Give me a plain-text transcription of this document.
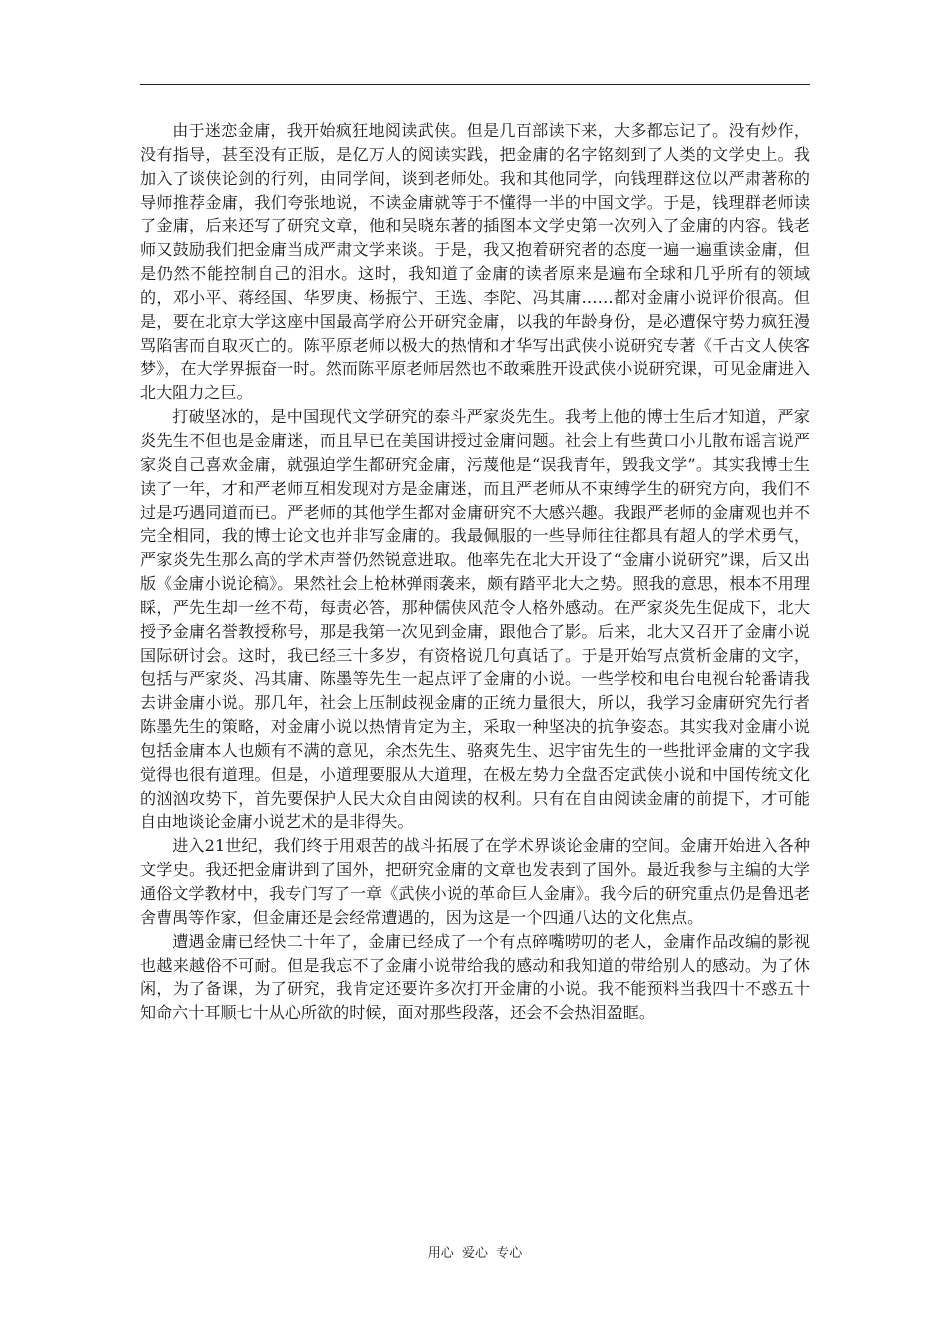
由于迷恋金庸，我开始疯狂地阅读武侠。但是几百部读下来，大多都忘记了。没有炒作，没有指导，甚至没有正版，是亿万人的阅读实践，把金庸的名字铭刻到了人类的文学史上。我加入了谈侠论剑的行列，由同学间，谈到老师处。我和其他同学，向钱理群这位以严肃著称的导师推荐金庸，我们夸张地说，不读金庸就等于不懂得一半的中国文学。于是，钱理群老师读了金庸，后来还写了研究文章，他和吴晓东著的插图本文学史第一次列入了金庸的内容。钱老师又鼓励我们把金庸当成严肃文学来谈。于是，我又抱着研究者的态度一遍一遍重读金庸，但是仍然不能控制自己的泪水。这时，我知道了金庸的读者原来是遍布全球和几乎所有的领域的，邓小平、蒋经国、华罗庚、杨振宁、王选、李陀、冯其庸……都对金庸小说评价很高。但是，要在北京大学这座中国最高学府公开研究金庸，以我的年龄身份，是必遭保守势力疯狂漫骂陷害而自取灭亡的。陈平原老师以极大的热情和才华写出武侠小说研究专著《千古文人侠客梦》，在大学界振奋一时。然而陈平原老师居然也不敢乘胜开设武侠小说研究课，可见金庸进入北大阻力之巨。

打破坚冰的，是中国现代文学研究的泰斗严家炎先生。我考上他的博士生后才知道，严家炎先生不但也是金庸迷，而且早已在美国讲授过金庸问题。社会上有些黄口小儿散布谣言说严家炎自己喜欢金庸，就强迫学生都研究金庸，污蔑他是“误我青年，毁我文学”。其实我博士生读了一年，才和严老师互相发现对方是金庸迷，而且严老师从不束缚学生的研究方向，我们不过是巧遇同道而已。严老师的其他学生都对金庸研究不大感兴趣。我跟严老师的金庸观也并不完全相同，我的博士论文也并非写金庸的。我最佩服的一些导师往往都具有超人的学术勇气，严家炎先生那么高的学术声誉仍然锐意进取。他率先在北大开设了“金庸小说研究”课，后又出版《金庸小说论稿》。果然社会上枪林弹雨袭来，颇有踏平北大之势。照我的意思，根本不用理睬，严先生却一丝不苟，每责必答，那种儒侠风范令人格外感动。在严家炎先生促成下，北大授予金庸名誉教授称号，那是我第一次见到金庸，跟他合了影。后来，北大又召开了金庸小说国际研讨会。这时，我已经三十多岁，有资格说几句真话了。于是开始写点赏析金庸的文字，包括与严家炎、冯其庸、陈墨等先生一起点评了金庸的小说。一些学校和电台电视台轮番请我去讲金庸小说。那几年，社会上压制歧视金庸的正统力量很大，所以，我学习金庸研究先行者陈墨先生的策略，对金庸小说以热情肯定为主，采取一种坚决的抗争姿态。其实我对金庸小说包括金庸本人也颇有不满的意见，余杰先生、骆爽先生、迟宇宙先生的一些批评金庸的文字我觉得也很有道理。但是，小道理要服从大道理，在极左势力全盘否定武侠小说和中国传统文化的汹汹攻势下，首先要保护人民大众自由阅读的权利。只有在自由阅读金庸的前提下，才可能自由地谈论金庸小说艺术的是非得失。

进入21世纪，我们终于用艰苦的战斗拓展了在学术界谈论金庸的空间。金庸开始进入各种文学史。我还把金庸讲到了国外，把研究金庸的文章也发表到了国外。最近我参与主编的大学通俗文学教材中，我专门写了一章《武侠小说的革命巨人金庸》。我今后的研究重点仍是鲁迅老舍曹禺等作家，但金庸还是会经常遭遇的，因为这是一个四通八达的文化焦点。

遭遇金庸已经快二十年了，金庸已经成了一个有点碎嘴唠叨的老人，金庸作品改编的影视也越来越俗不可耐。但是我忘不了金庸小说带给我的感动和我知道的带给别人的感动。为了休闲，为了备课，为了研究，我肯定还要许多次打开金庸的小说。我不能预料当我四十不惑五十知命六十耳顺七十从心所欲的时候，面对那些段落，还会不会热泪盈眶。

用心  爱心  专心
